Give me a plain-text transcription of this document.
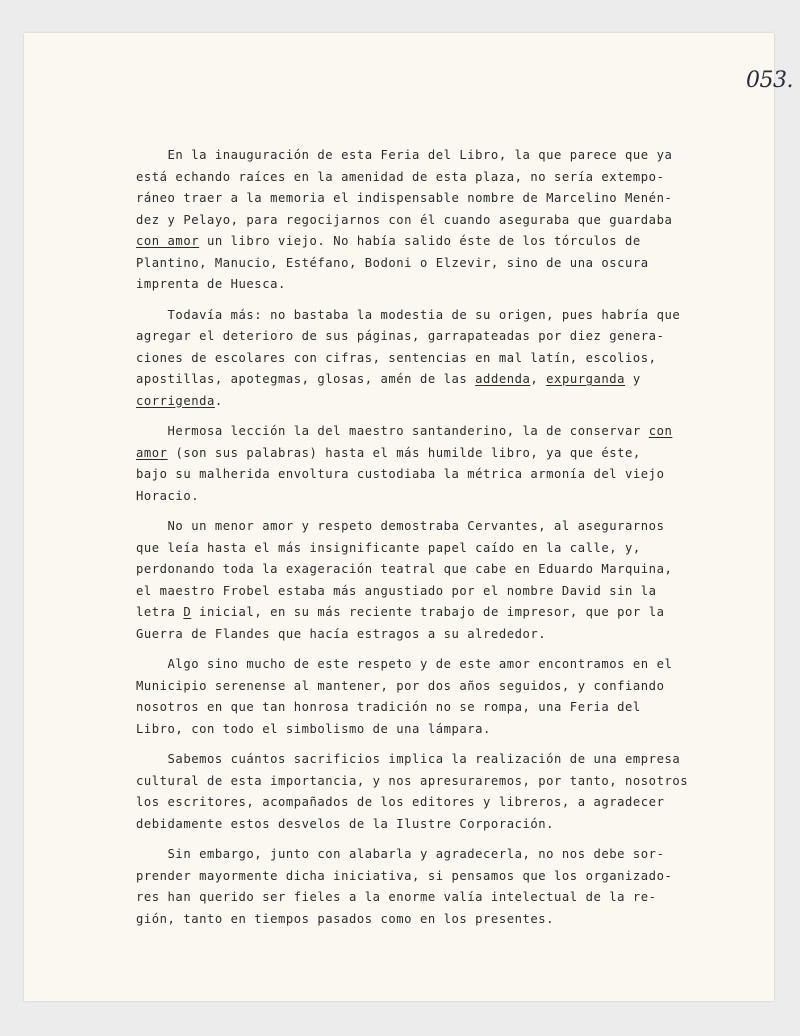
053.
En la inauguración de esta Feria del Libro, la que parece que ya
está echando raíces en la amenidad de esta plaza, no sería extempo-
ráneo traer a la memoria el indispensable nombre de Marcelino Menén-
dez y Pelayo, para regocijarnos con él cuando aseguraba que guardaba
con amor un libro viejo. No había salido éste de los tórculos de
Plantino, Manucio, Estéfano, Bodoni o Elzevir, sino de una oscura
imprenta de Huesca.
Todavía más: no bastaba la modestia de su origen, pues habría que
agregar el deterioro de sus páginas, garrapateadas por diez genera-
ciones de escolares con cifras, sentencias en mal latín, escolios,
apostillas, apotegmas, glosas, amén de las addenda, expurganda y
corrigenda.
Hermosa lección la del maestro santanderino, la de conservar con
amor (son sus palabras) hasta el más humilde libro, ya que éste,
bajo su malherida envoltura custodiaba la métrica armonía del viejo
Horacio.
No un menor amor y respeto demostraba Cervantes, al asegurarnos
que leía hasta el más insignificante papel caído en la calle, y,
perdonando toda la exageración teatral que cabe en Eduardo Marquina,
el maestro Frobel estaba más angustiado por el nombre David sin la
letra D inicial, en su más reciente trabajo de impresor, que por la
Guerra de Flandes que hacía estragos a su alrededor.
Algo sino mucho de este respeto y de este amor encontramos en el
Municipio serenense al mantener, por dos años seguidos, y confiando
nosotros en que tan honrosa tradición no se rompa, una Feria del
Libro, con todo el simbolismo de una lámpara.
Sabemos cuántos sacrificios implica la realización de una empresa
cultural de esta importancia, y nos apresuraremos, por tanto, nosotros
los escritores, acompañados de los editores y libreros, a agradecer
debidamente estos desvelos de la Ilustre Corporación.
Sin embargo, junto con alabarla y agradecerla, no nos debe sor-
prender mayormente dicha iniciativa, si pensamos que los organizado-
res han querido ser fieles a la enorme valía intelectual de la re-
gión, tanto en tiempos pasados como en los presentes.
